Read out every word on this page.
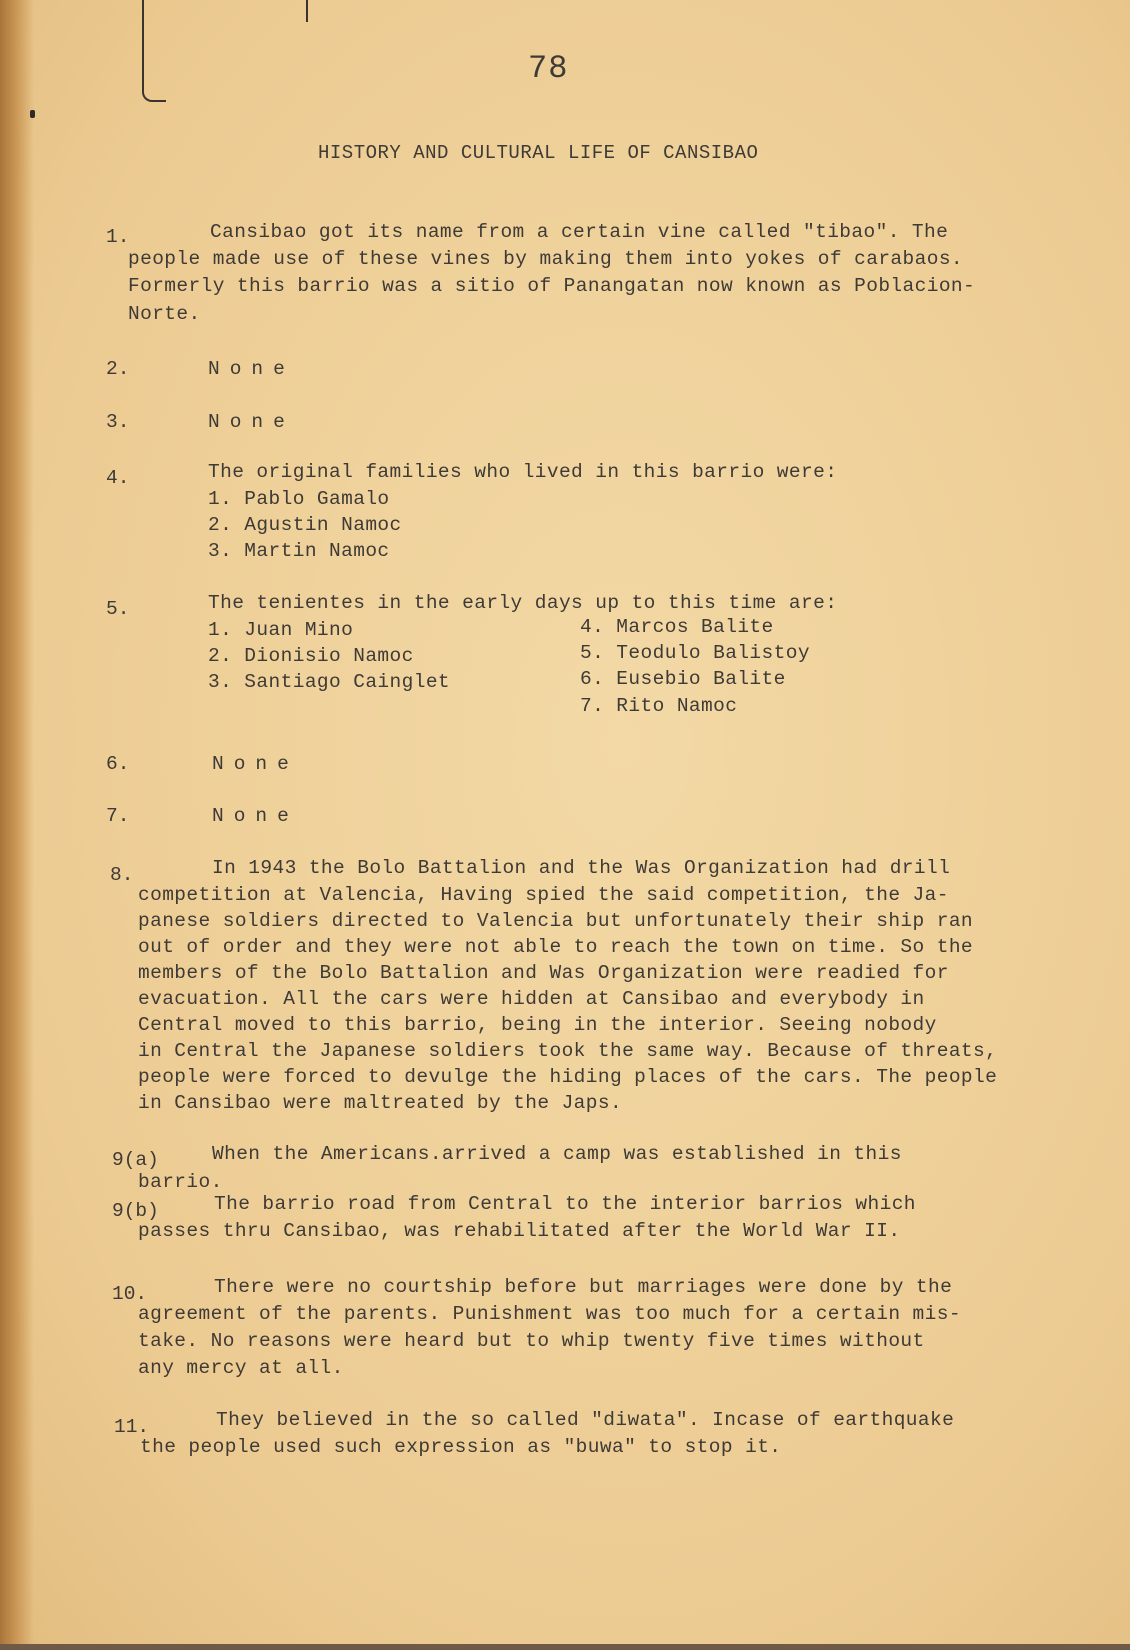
78
HISTORY AND CULTURAL LIFE OF CANSIBAO
1.	Cansibao got its name from a certain vine called "tibao". The
people made use of these vines by making them into yokes of carabaos.
Formerly this barrio was a sitio of Panangatan now known as Poblacion-
Norte.
2.	None
3.	None
4.	The original families who lived in this barrio were:
1. Pablo Gamalo
2. Agustin Namoc
3. Martin Namoc
5.	The tenientes in the early days up to this time are:
1. Juan Mino
2. Dionisio Namoc
3. Santiago Cainglet
4. Marcos Balite
5. Teodulo Balistoy
6. Eusebio Balite
7. Rito Namoc
6.	None
7.	None
8.	In 1943 the Bolo Battalion and the Was Organization had drill
competition at Valencia, Having spied the said competition, the Ja-
panese soldiers directed to Valencia but unfortunately their ship ran
out of order and they were not able to reach the town on time. So the
members of the Bolo Battalion and Was Organization were readied for
evacuation. All the cars were hidden at Cansibao and everybody in
Central moved to this barrio, being in the interior. Seeing nobody
in Central the Japanese soldiers took the same way. Because of threats,
people were forced to devulge the hiding places of the cars. The people
in Cansibao were maltreated by the Japs.
9(a)	When the Americans.arrived a camp was established in this
barrio.
9(b)	The barrio road from Central to the interior barrios which
passes thru Cansibao, was rehabilitated after the World War II.
10.	There were no courtship before but marriages were done by the
agreement of the parents. Punishment was too much for a certain mis-
take. No reasons were heard but to whip twenty five times without
any mercy at all.
11.	They believed in the so called "diwata". Incase of earthquake
the people used such expression as "buwa" to stop it.
